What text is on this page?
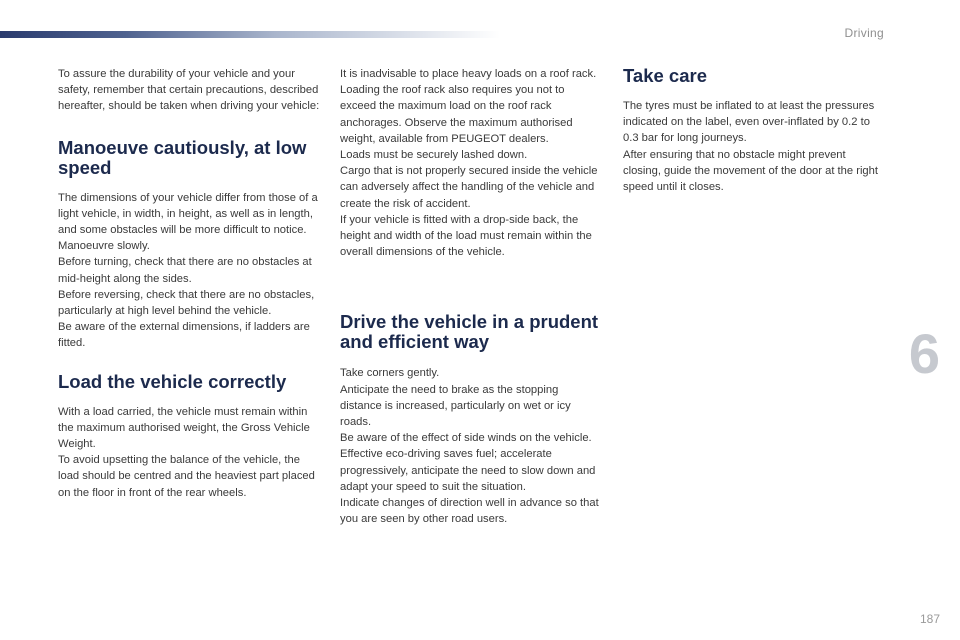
Driving
6
187

To assure the durability of your vehicle and your safety, remember that certain precautions, described hereafter, should be taken when driving your vehicle:

Manoeuve cautiously, at low speed

The dimensions of your vehicle differ from those of a light vehicle, in width, in height, as well as in length, and some obstacles will be more difficult to notice.

Manoeuvre slowly.

Before turning, check that there are no obstacles at mid-height along the sides.

Before reversing, check that there are no obstacles, particularly at high level behind the vehicle.

Be aware of the external dimensions, if ladders are fitted.

Load the vehicle correctly

With a load carried, the vehicle must remain within the maximum authorised weight, the Gross Vehicle Weight.

To avoid upsetting the balance of the vehicle, the load should be centred and the heaviest part placed on the floor in front of the rear wheels.

It is inadvisable to place heavy loads on a roof rack.

Loading the roof rack also requires you not to exceed the maximum load on the roof rack anchorages. Observe the maximum authorised weight, available from PEUGEOT dealers.

Loads must be securely lashed down.

Cargo that is not properly secured inside the vehicle can adversely affect the handling of the vehicle and create the risk of accident.

If your vehicle is fitted with a drop-side back, the height and width of the load must remain within the overall dimensions of the vehicle.

Drive the vehicle in a prudent and efficient way

Take corners gently.

Anticipate the need to brake as the stopping distance is increased, particularly on wet or icy roads.

Be aware of the effect of side winds on the vehicle.

Effective eco-driving saves fuel; accelerate progressively, anticipate the need to slow down and adapt your speed to suit the situation.

Indicate changes of direction well in advance so that you are seen by other road users.

Take care

The tyres must be inflated to at least the pressures indicated on the label, even over-inflated by 0.2 to 0.3 bar for long journeys.

After ensuring that no obstacle might prevent closing, guide the movement of the door at the right speed until it closes.
